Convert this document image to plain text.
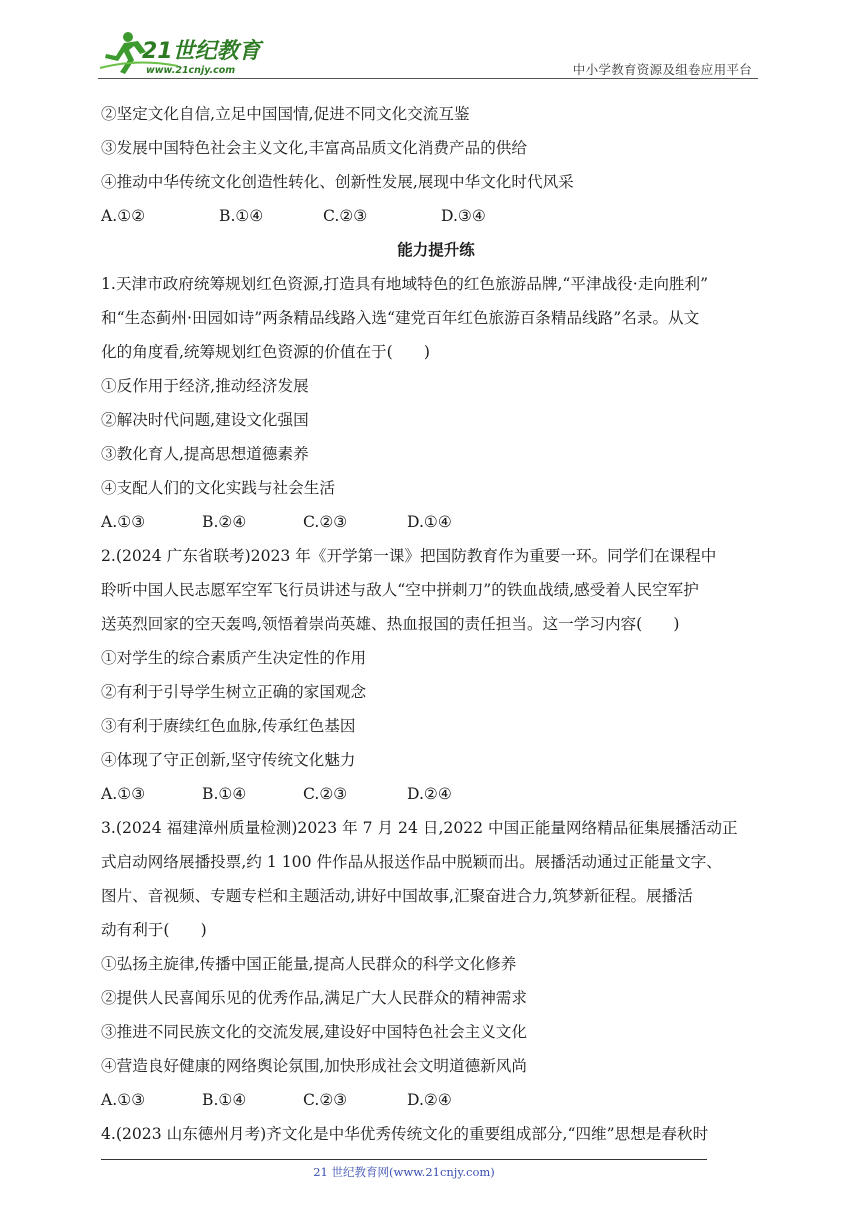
21世纪教育
www.21cnjy.com	中小学教育资源及组卷应用平台
②坚定文化自信,立足中国国情,促进不同文化交流互鉴
③发展中国特色社会主义文化,丰富高品质文化消费产品的供给
④推动中华传统文化创造性转化、创新性发展,展现中华文化时代风采
A.①②	B.①④	C.②③	D.③④
能力提升练
1.天津市政府统筹规划红色资源,打造具有地域特色的红色旅游品牌,“平津战役·走向胜利”
和“生态蓟州·田园如诗”两条精品线路入选“建党百年红色旅游百条精品线路”名录。从文
化的角度看,统筹规划红色资源的价值在于(　　)
①反作用于经济,推动经济发展
②解决时代问题,建设文化强国
③教化育人,提高思想道德素养
④支配人们的文化实践与社会生活
A.①③	B.②④	C.②③	D.①④
2.(2024 广东省联考)2023 年《开学第一课》把国防教育作为重要一环。同学们在课程中
聆听中国人民志愿军空军飞行员讲述与敌人“空中拼刺刀”的铁血战绩,感受着人民空军护
送英烈回家的空天轰鸣,领悟着崇尚英雄、热血报国的责任担当。这一学习内容(　　)
①对学生的综合素质产生决定性的作用
②有利于引导学生树立正确的家国观念
③有利于赓续红色血脉,传承红色基因
④体现了守正创新,坚守传统文化魅力
A.①③	B.①④	C.②③	D.②④
3.(2024 福建漳州质量检测)2023 年 7 月 24 日,2022 中国正能量网络精品征集展播活动正
式启动网络展播投票,约 1 100 件作品从报送作品中脱颖而出。展播活动通过正能量文字、
图片、音视频、专题专栏和主题活动,讲好中国故事,汇聚奋进合力,筑梦新征程。展播活
动有利于(　　)
①弘扬主旋律,传播中国正能量,提高人民群众的科学文化修养
②提供人民喜闻乐见的优秀作品,满足广大人民群众的精神需求
③推进不同民族文化的交流发展,建设好中国特色社会主义文化
④营造良好健康的网络舆论氛围,加快形成社会文明道德新风尚
A.①③	B.①④	C.②③	D.②④
4.(2023 山东德州月考)齐文化是中华优秀传统文化的重要组成部分,“四维”思想是春秋时
21 世纪教育网(www.21cnjy.com)
